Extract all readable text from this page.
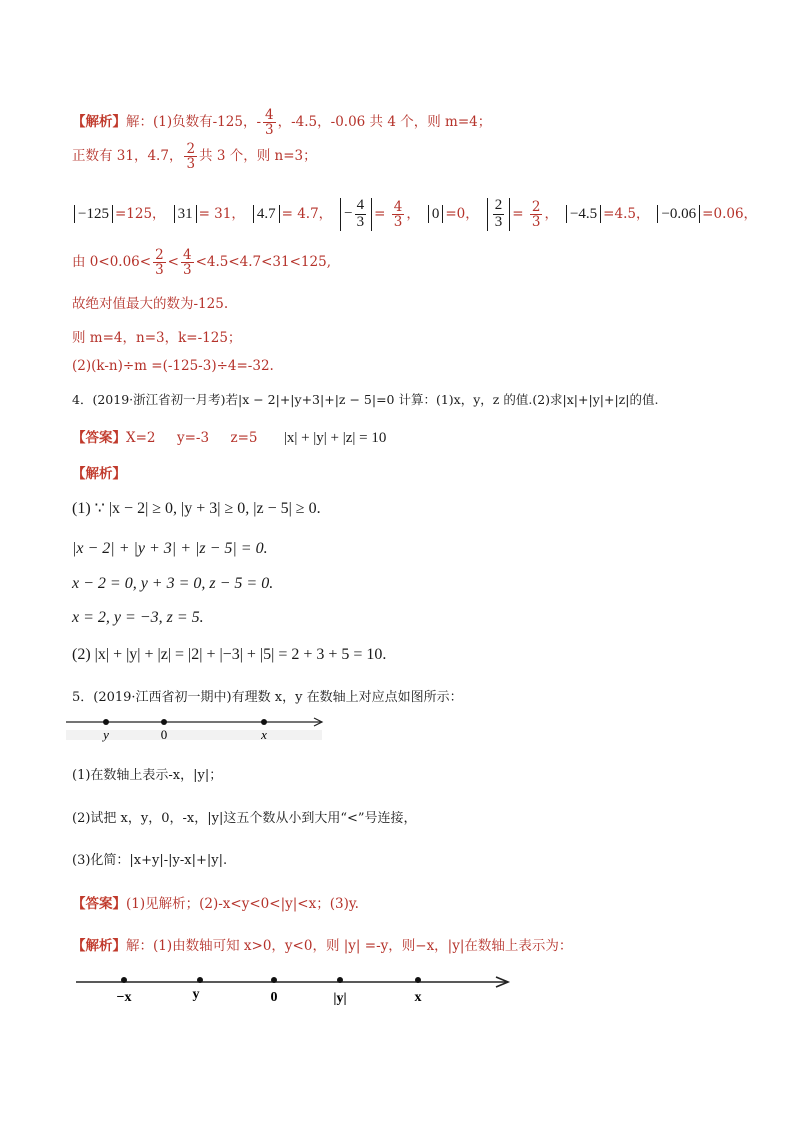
【解析】解：(1)负数有-125，- $\frac{4}{3}$ ，-4.5，-0.06 共 4 个，则 m=4；
正数有 31，4.7， $\frac{2}{3}$ 共 3 个，则 n=3；
−125 =125， 31 = 31， 4.7 = 4.7， − $\frac{4}{3} = \frac{4}{3}$ ， 0 =0， $\frac{2}{3} = \frac{2}{3}$ ， −4.5 =4.5， −0.06 =0.06，
由 $0<0.06< \frac{2}{3} < \frac{4}{3} <4.5<4.7<31<125$,
故绝对值最大的数为-125.
则 m=4，n=3，k=-125；
(2)(k-n)÷m =(-125-3)÷4=-32.
4．(2019·浙江省初一月考)若|x − 2|+|y+3|+|z − 5|=0 计算：(1)x，y，z 的值.(2)求|x|+|y|+|z|的值.
【答案】X=2     y=-3     z=5 |x| + |y| + |z| = 10
【解析】
(1) ∵ |x − 2| ≥ 0, |y + 3| ≥ 0, |z − 5| ≥ 0.
|x − 2| + |y + 3| + |z − 5| = 0.
x − 2 = 0, y + 3 = 0, z − 5 = 0.
x = 2, y = −3, z = 5.
(2) |x| + |y| + |z| = |2| + |−3| + |5| = 2 + 3 + 5 = 10.
5．(2019·江西省初一期中)有理数 x，y 在数轴上对应点如图所示：
y	0	x
(1)在数轴上表示-x，|y|；
(2)试把 x，y，0，-x，|y|这五个数从小到大用“<”号连接，
(3)化简：|x+y|-|y-x|+|y|.
【答案】(1)见解析；(2)-x<y<0<|y|<x；(3)y.
【解析】解：(1)由数轴可知 x>0，y<0，则 |y| =-y，则−x，|y|在数轴上表示为：
−x	y	0	|y|	x
